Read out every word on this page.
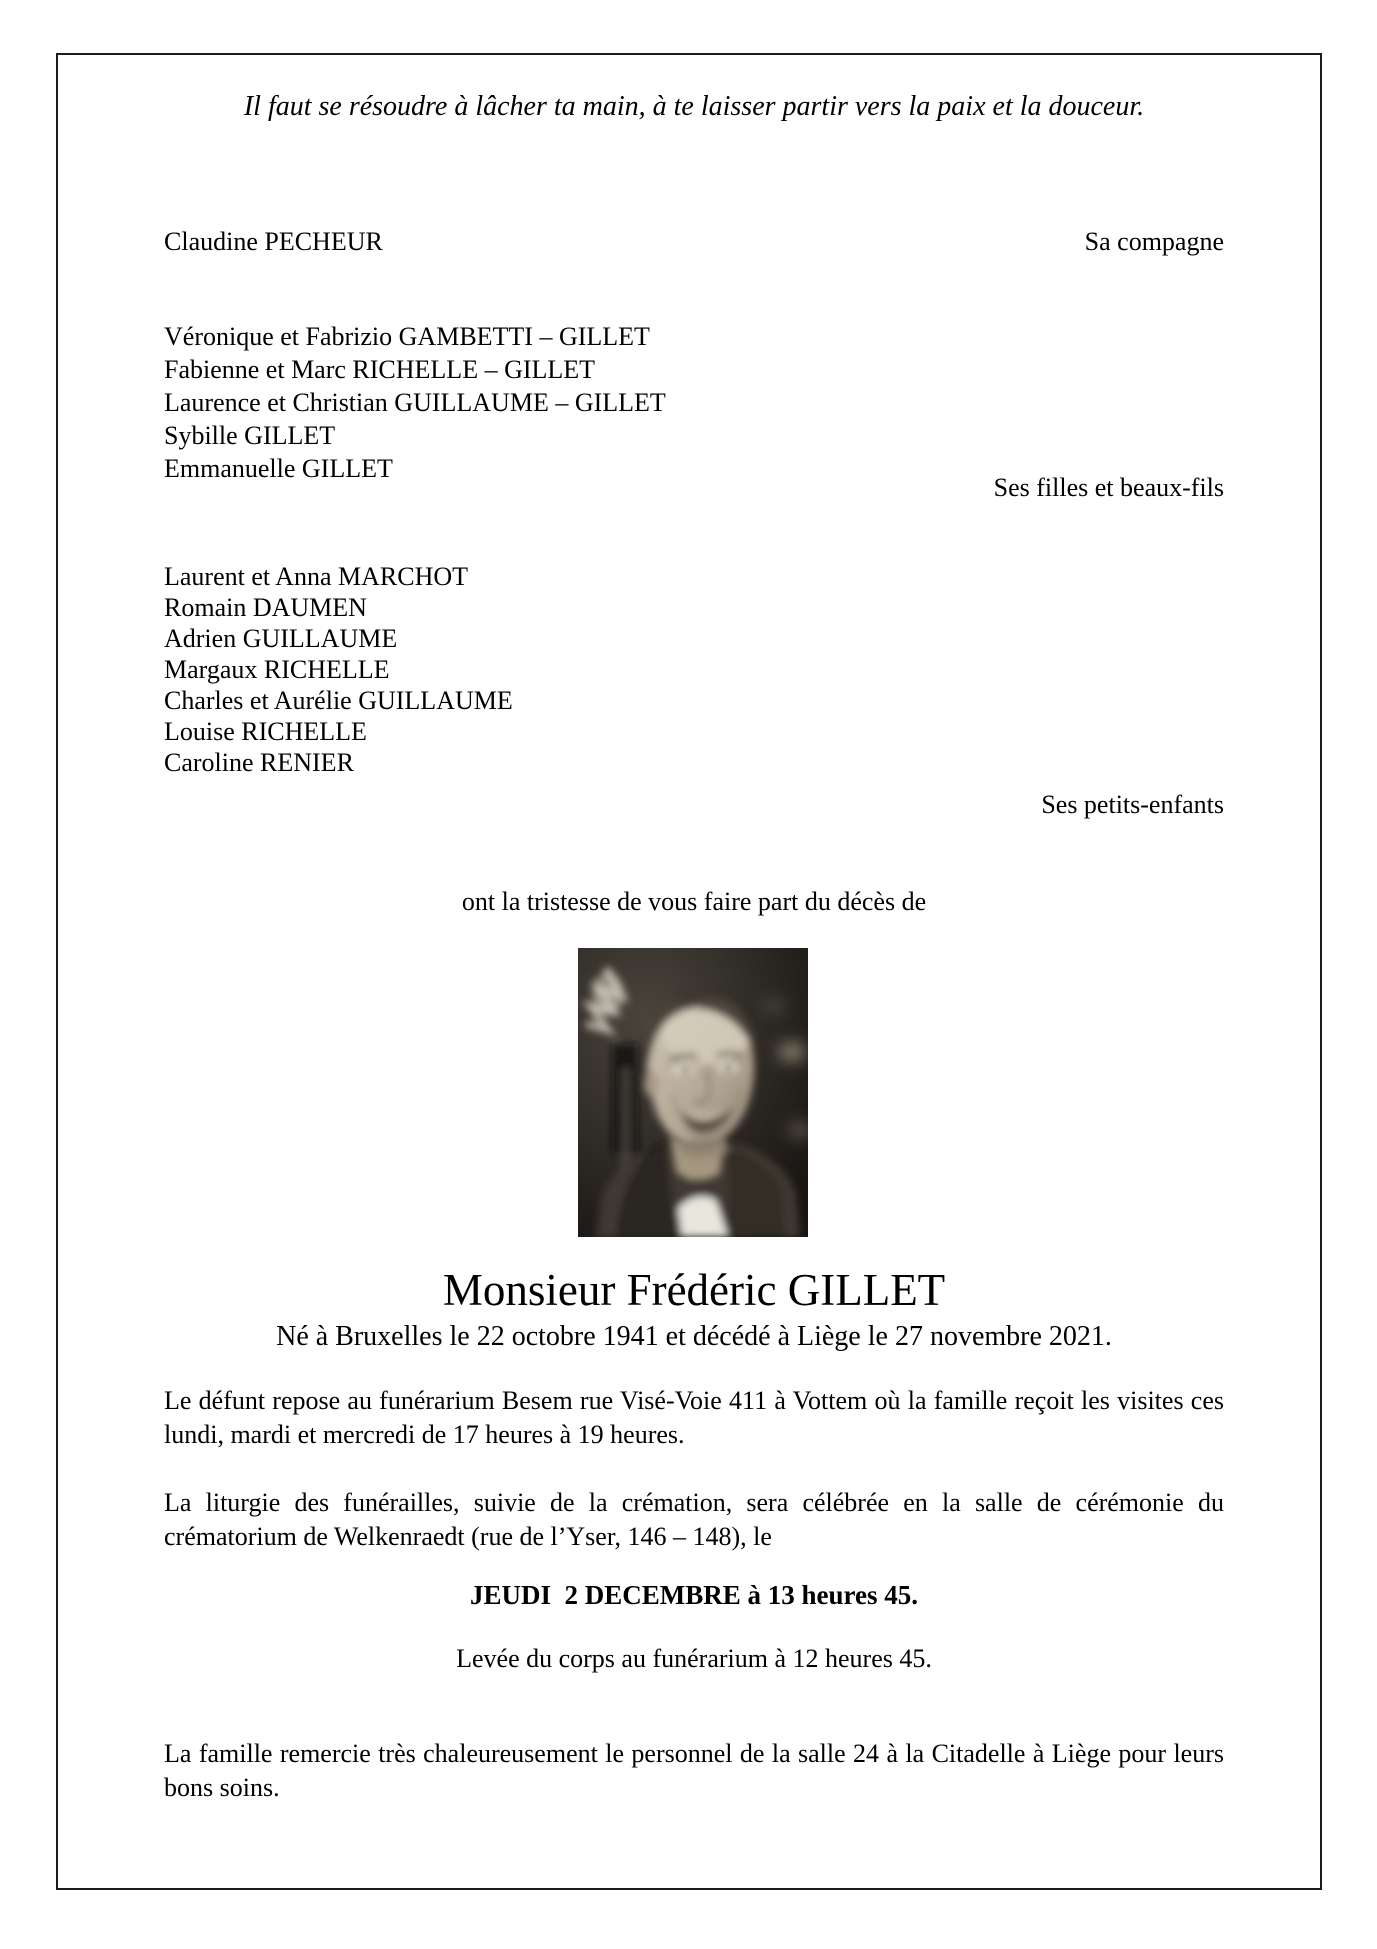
Il faut se résoudre à lâcher ta main, à te laisser partir vers la paix et la douceur.
Claudine PECHEUR	Sa compagne
Véronique et Fabrizio GAMBETTI – GILLET
Fabienne et Marc RICHELLE – GILLET
Laurence et Christian GUILLAUME – GILLET
Sybille GILLET
Emmanuelle GILLET
Ses filles et beaux-fils
Laurent et Anna MARCHOT
Romain DAUMEN
Adrien GUILLAUME
Margaux RICHELLE
Charles et Aurélie GUILLAUME
Louise RICHELLE
Caroline RENIER
Ses petits-enfants
ont la tristesse de vous faire part du décès de
Monsieur Frédéric GILLET
Né à Bruxelles le 22 octobre 1941 et décédé à Liège le 27 novembre 2021.
Le défunt repose au funérarium Besem rue Visé-Voie 411 à Vottem où la famille reçoit les visites ces lundi, mardi et mercredi de 17 heures à 19 heures.
La liturgie des funérailles, suivie de la crémation, sera célébrée en la salle de cérémonie du crématorium de Welkenraedt (rue de l’Yser, 146 – 148), le
JEUDI  2 DECEMBRE à 13 heures 45.
Levée du corps au funérarium à 12 heures 45.
La famille remercie très chaleureusement le personnel de la salle 24 à la Citadelle à Liège pour leurs bons soins.
